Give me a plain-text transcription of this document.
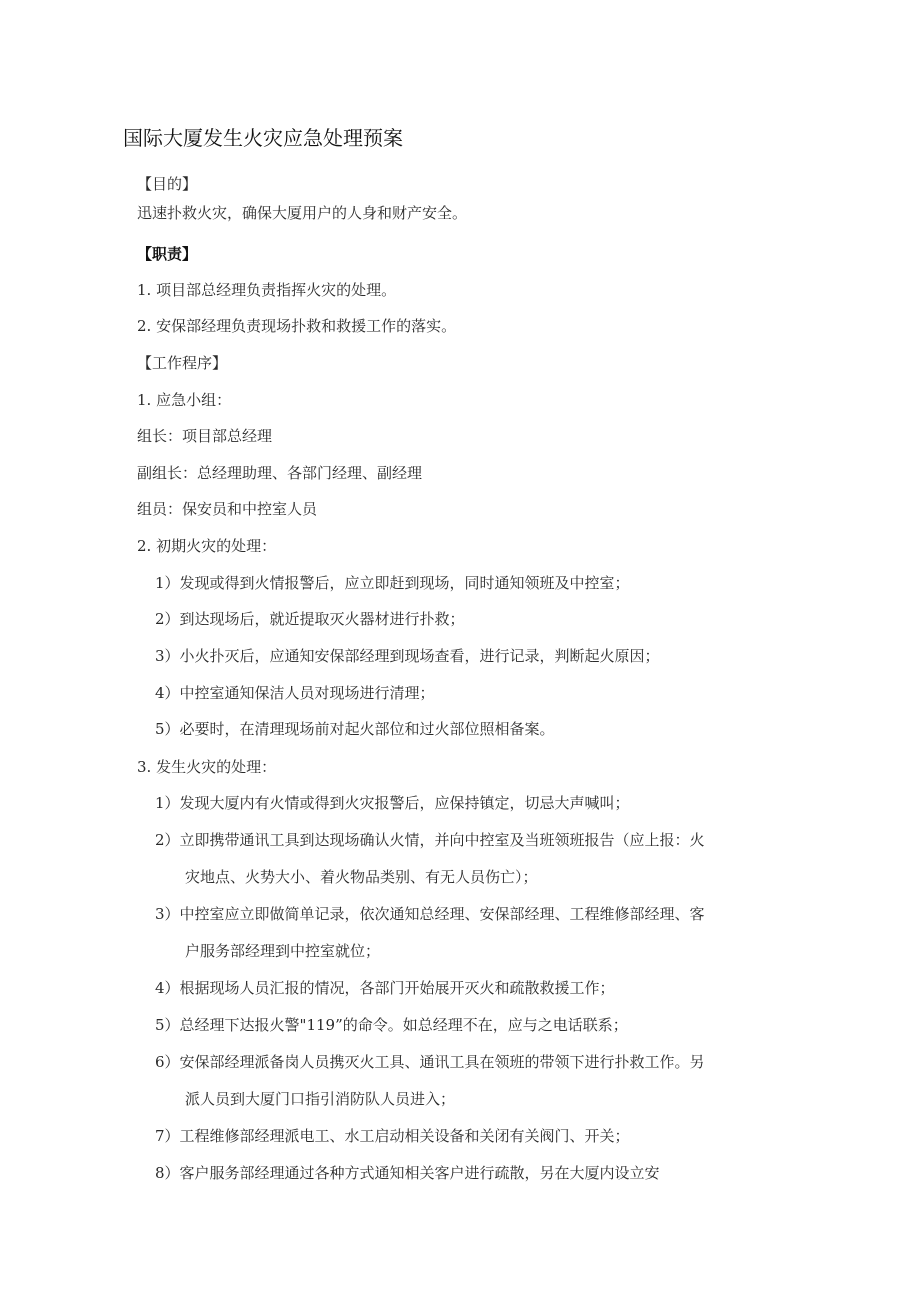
国际大厦发生火灾应急处理预案
【目的】
迅速扑救火灾，确保大厦用户的人身和财产安全。
【职责】
1. 项目部总经理负责指挥火灾的处理。
2. 安保部经理负责现场扑救和救援工作的落实。
【工作程序】
1. 应急小组：
组长：项目部总经理
副组长：总经理助理、各部门经理、副经理
组员：保安员和中控室人员
2. 初期火灾的处理：
1）发现或得到火情报警后，应立即赶到现场，同时通知领班及中控室；
2）到达现场后，就近提取灭火器材进行扑救；
3）小火扑灭后，应通知安保部经理到现场查看，进行记录，判断起火原因；
4）中控室通知保洁人员对现场进行清理；
5）必要时，在清理现场前对起火部位和过火部位照相备案。
3. 发生火灾的处理：
1）发现大厦内有火情或得到火灾报警后，应保持镇定，切忌大声喊叫；
2）立即携带通讯工具到达现场确认火情，并向中控室及当班领班报告（应上报：火
灾地点、火势大小、着火物品类别、有无人员伤亡）；
3）中控室应立即做简单记录，依次通知总经理、安保部经理、工程维修部经理、客
户服务部经理到中控室就位；
4）根据现场人员汇报的情况，各部门开始展开灭火和疏散救援工作；
5）总经理下达报火警"119”的命令。如总经理不在，应与之电话联系；
6）安保部经理派备岗人员携灭火工具、通讯工具在领班的带领下进行扑救工作。另
派人员到大厦门口指引消防队人员进入；
7）工程维修部经理派电工、水工启动相关设备和关闭有关阀门、开关；
8）客户服务部经理通过各种方式通知相关客户进行疏散，另在大厦内设立安
